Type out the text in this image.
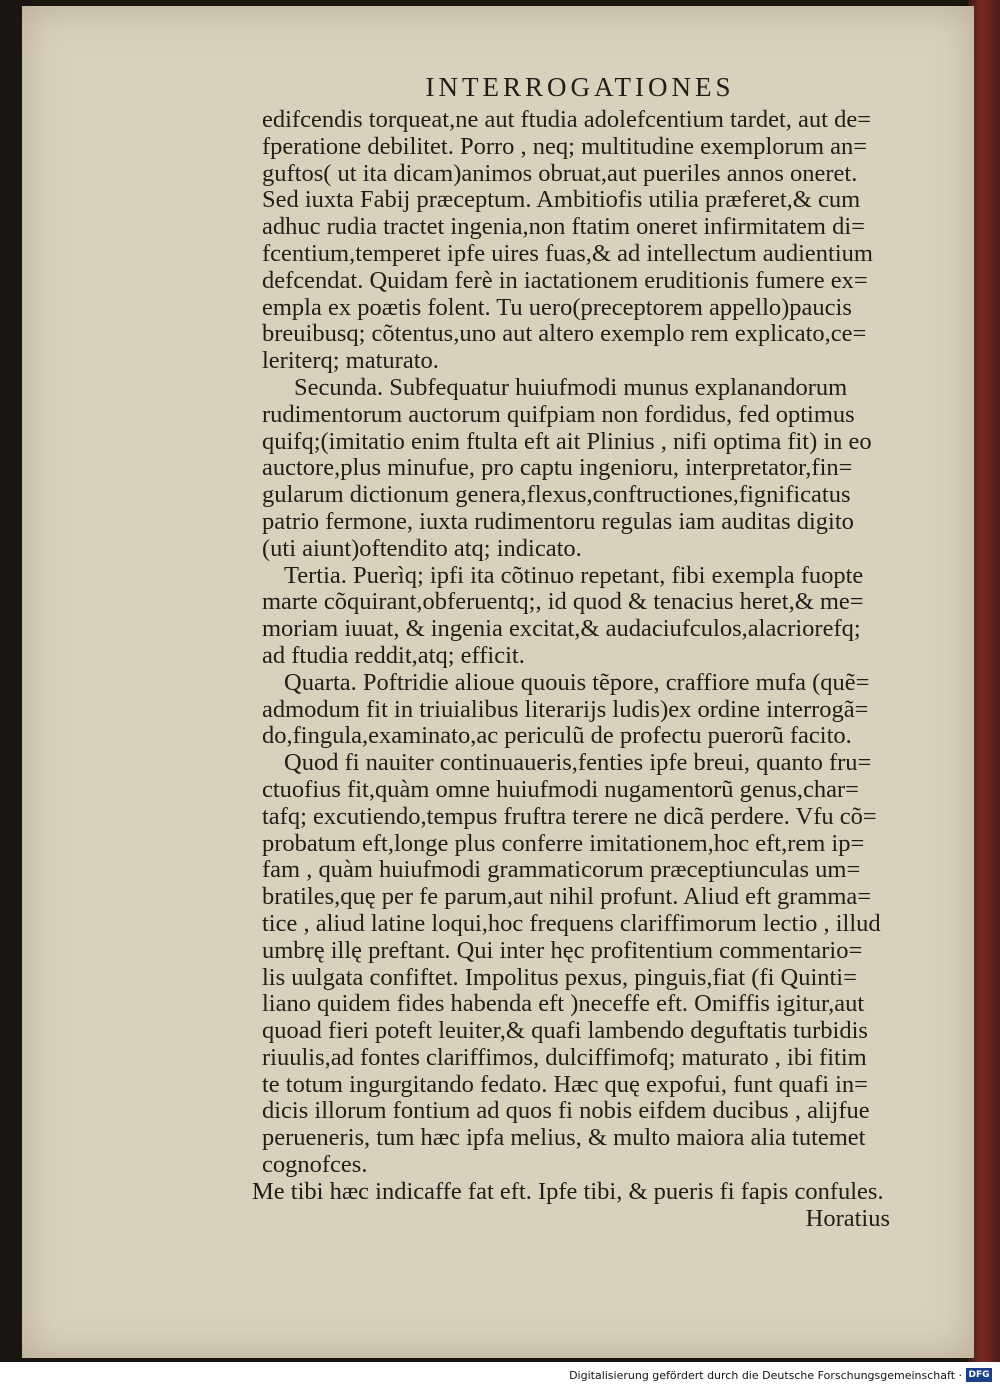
INTERROGATIONES
edifcendis torqueat,ne aut ftudia adolefcentium tardet, aut de=
fperatione debilitet. Porro , neq; multitudine exemplorum an=
guftos( ut ita dicam)animos obruat,aut pueriles annos oneret.
Sed iuxta Fabij præceptum. Ambitiofis utilia præferet,& cum
adhuc rudia tractet ingenia,non ftatim oneret infirmitatem di=
fcentium,temperet ipfe uires fuas,& ad intellectum audientium
defcendat. Quidam ferè in iactationem eruditionis fumere ex=
empla ex poætis folent. Tu uero(preceptorem appello)paucis
breuibusq; cõtentus,uno aut altero exemplo rem explicato,ce=
leriterq; maturato.
Secunda. Subfequatur huiufmodi munus explanandorum
rudimentorum auctorum quifpiam non fordidus, fed optimus
quifq;(imitatio enim ftulta eft ait Plinius , nifi optima fit) in eo
auctore,plus minufue, pro captu ingenioru, interpretator,fin=
gularum dictionum genera,flexus,conftructiones,fignificatus
patrio fermone, iuxta rudimentoru regulas iam auditas digito
(uti aiunt)oftendito atq; indicato.
Tertia. Puerìq; ipfi ita cõtinuo repetant, fibi exempla fuopte
marte cõquirant,obferuentq;, id quod & tenacius heret,& me=
moriam iuuat, & ingenia excitat,& audaciufculos,alacriorefq;
ad ftudia reddit,atq; efficit.
Quarta. Poftridie alioue quouis tẽpore, craffiore mufa (quẽ=
admodum fit in triuialibus literarijs ludis)ex ordine interrogã=
do,fingula,examinato,ac periculũ de profectu puerorũ facito.
Quod fi nauiter continuaueris,fenties ipfe breui, quanto fru=
ctuofius fit,quàm omne huiufmodi nugamentorũ genus,char=
tafq; excutiendo,tempus fruftra terere ne dicã perdere. Vfu cõ=
probatum eft,longe plus conferre imitationem,hoc eft,rem ip=
fam , quàm huiufmodi grammaticorum præceptiunculas um=
bratiles,quę per fe parum,aut nihil profunt. Aliud eft gramma=
tice , aliud latine loqui,hoc frequens clariffimorum lectio , illud
umbrę illę preftant. Qui inter hęc profitentium commentario=
lis uulgata confiftet. Impolitus pexus, pinguis,fiat (fi Quinti=
liano quidem fides habenda eft )neceffe eft. Omiffis igitur,aut
quoad fieri poteft leuiter,& quafi lambendo deguftatis turbidis
riuulis,ad fontes clariffimos, dulciffimofq; maturato , ibi fitim
te totum ingurgitando fedato. Hæc quę expofui, funt quafi in=
dicis illorum fontium ad quos fi nobis eifdem ducibus , alijfue
perueneris, tum hæc ipfa melius, & multo maiora alia tutemet
cognofces.
Me tibi hæc indicaffe fat eft. Ipfe tibi, & pueris fi fapis confules.
Horatius
Digitalisierung gefördert durch die Deutsche Forschungsgemeinschaft · DFG
